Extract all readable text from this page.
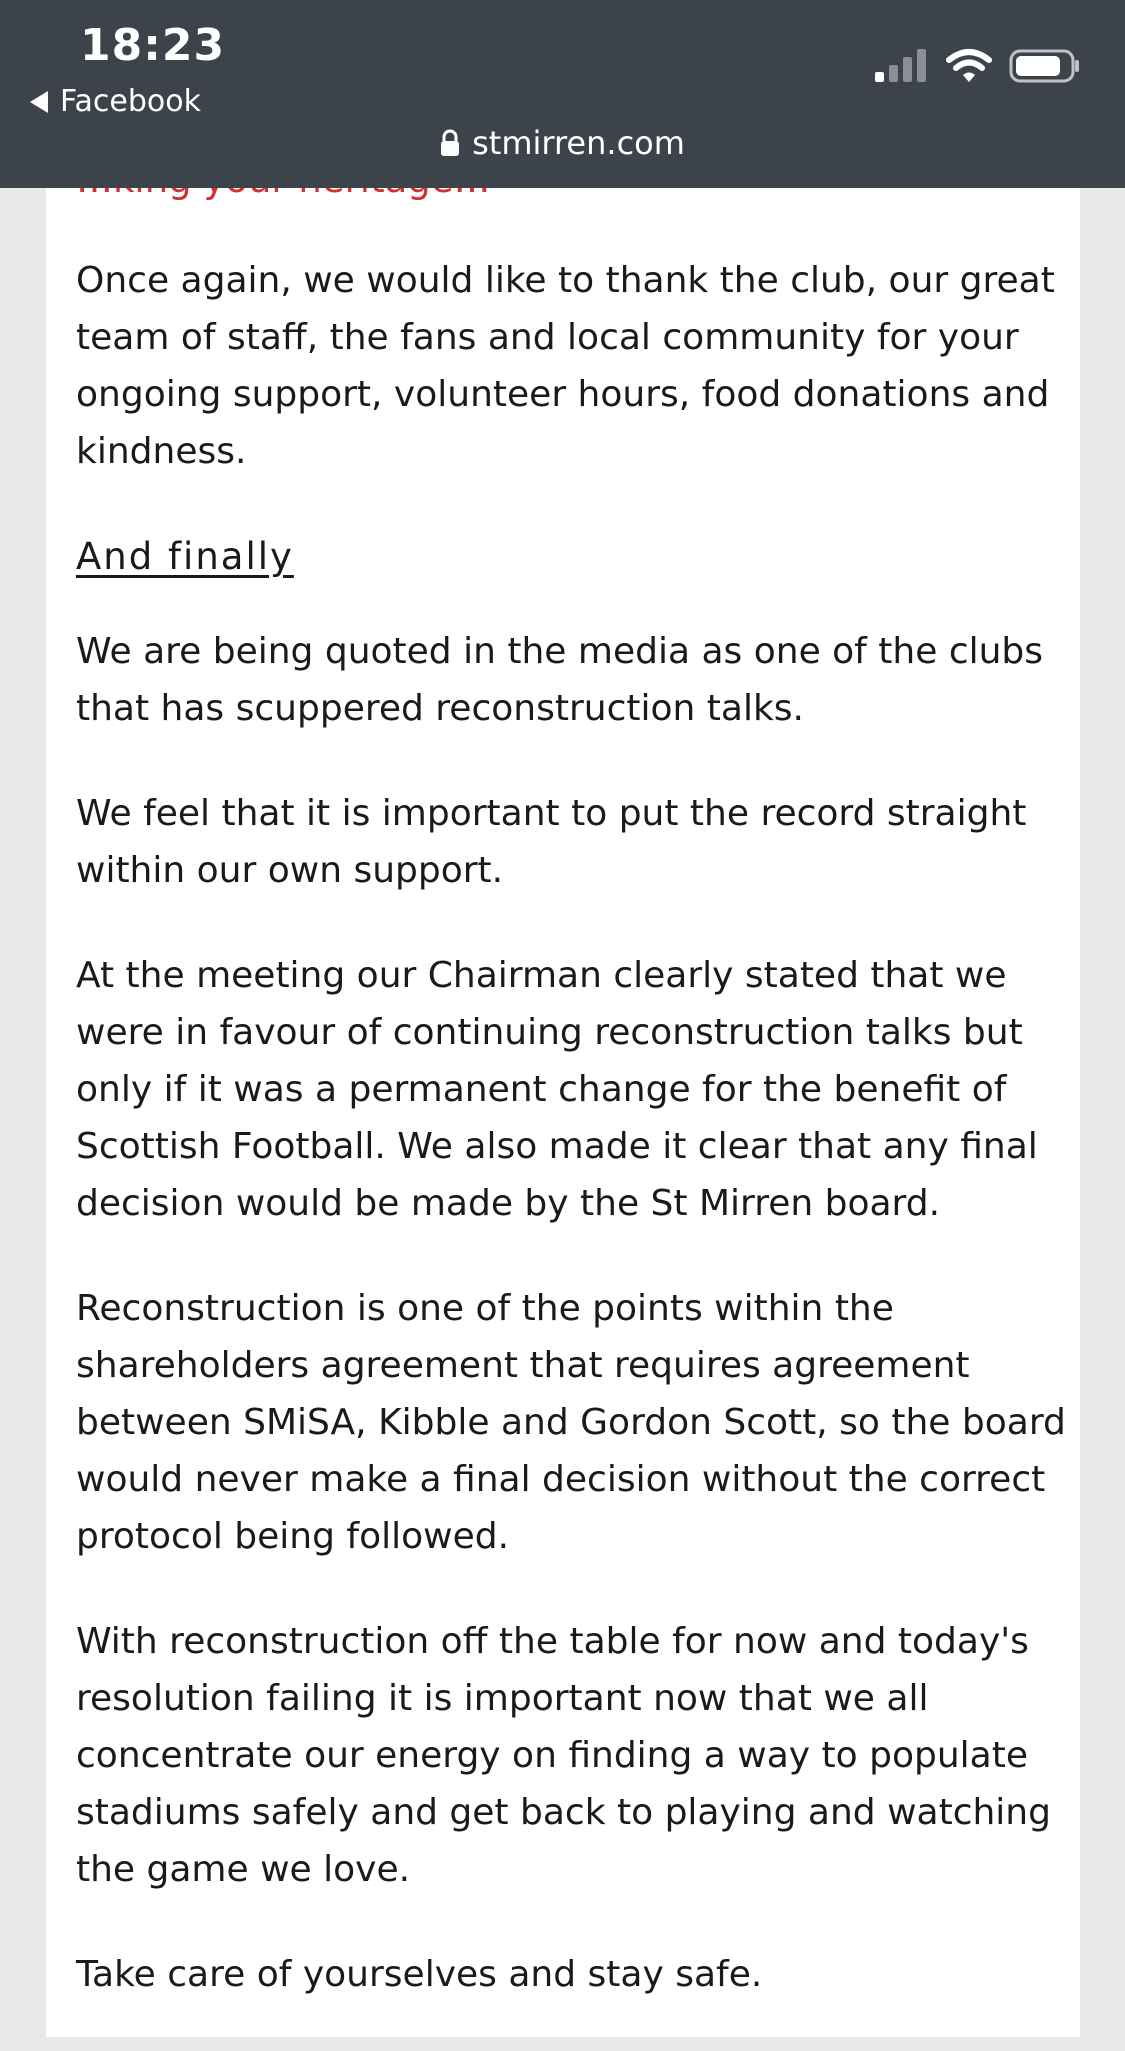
18:23
Facebook
stmirren.com

Once again, we would like to thank the club, our great team of staff, the fans and local community for your ongoing support, volunteer hours, food donations and kindness.

And finally

We are being quoted in the media as one of the clubs that has scuppered reconstruction talks.

We feel that it is important to put the record straight within our own support.

At the meeting our Chairman clearly stated that we were in favour of continuing reconstruction talks but only if it was a permanent change for the benefit of Scottish Football. We also made it clear that any final decision would be made by the St Mirren board.

Reconstruction is one of the points within the shareholders agreement that requires agreement between SMiSA, Kibble and Gordon Scott, so the board would never make a final decision without the correct protocol being followed.

With reconstruction off the table for now and today's resolution failing it is important now that we all concentrate our energy on finding a way to populate stadiums safely and get back to playing and watching the game we love.

Take care of yourselves and stay safe.
